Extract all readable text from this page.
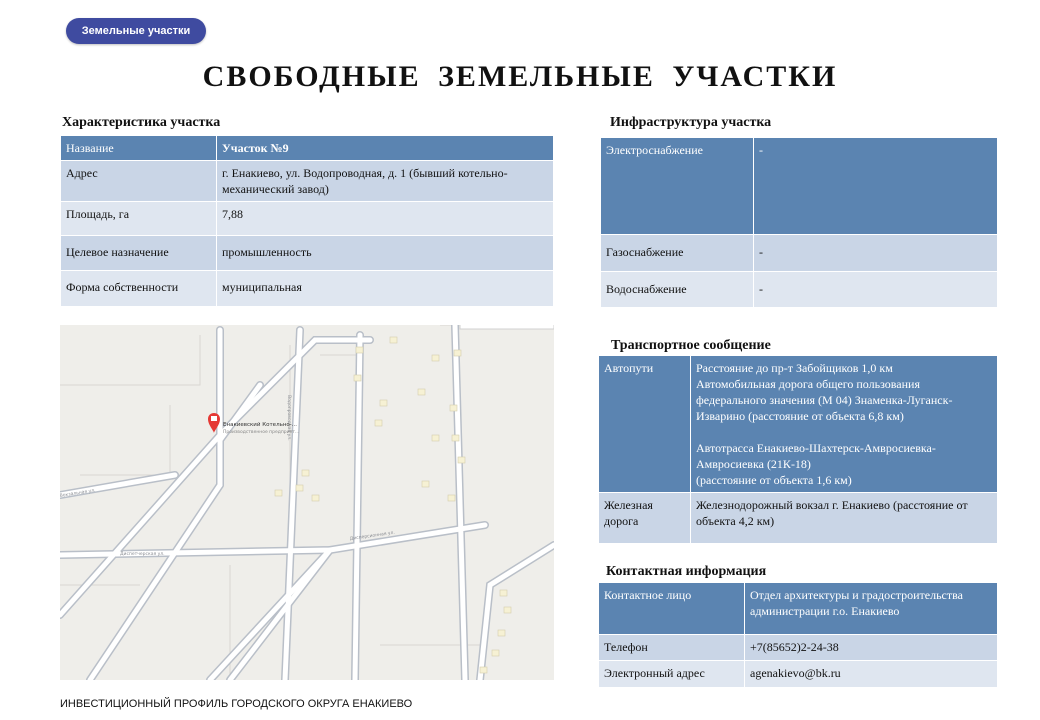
Земельные участки
СВОБОДНЫЕ ЗЕМЕЛЬНЫЕ УЧАСТКИ
Характеристика участка
Название	Участок №9
Адрес	г. Енакиево, ул. Водопроводная, д. 1 (бывший котельно-механический завод)
Площадь, га	7,88
Целевое назначение	промышленность
Форма собственности	муниципальная
Инфраструктура участка
Электроснабжение	-
Газоснабжение	-
Водоснабжение	-
Транспортное сообщение
Автопути	Расстояние до пр-т Забойщиков 1,0 км
Автомобильная дорога общего пользования федерального значения (М 04) Знаменка-Луганск-Изварино (расстояние от объекта 6,8 км)

Автотрасса Енакиево-Шахтерск-Амвросиевка-Амвросиевка (21К-18)
(расстояние от объекта 1,6 км)
Железная дорога	Железнодорожный вокзал г. Енакиево (расстояние от объекта 4,2 км)
Контактная информация
Контактное лицо	Отдел архитектуры и градостроительства администрации г.о. Енакиево
Телефон	+7(85652)2-24-38
Электронный адрес	agenakievo@bk.ru
Вокзальная ул.
Диспетчерская ул.
Дисперсионная ул.
Водопроводная ул.
Енакиевский Котельно-...
Производственное предприят...
ИНВЕСТИЦИОННЫЙ ПРОФИЛЬ ГОРОДСКОГО ОКРУГА ЕНАКИЕВО
